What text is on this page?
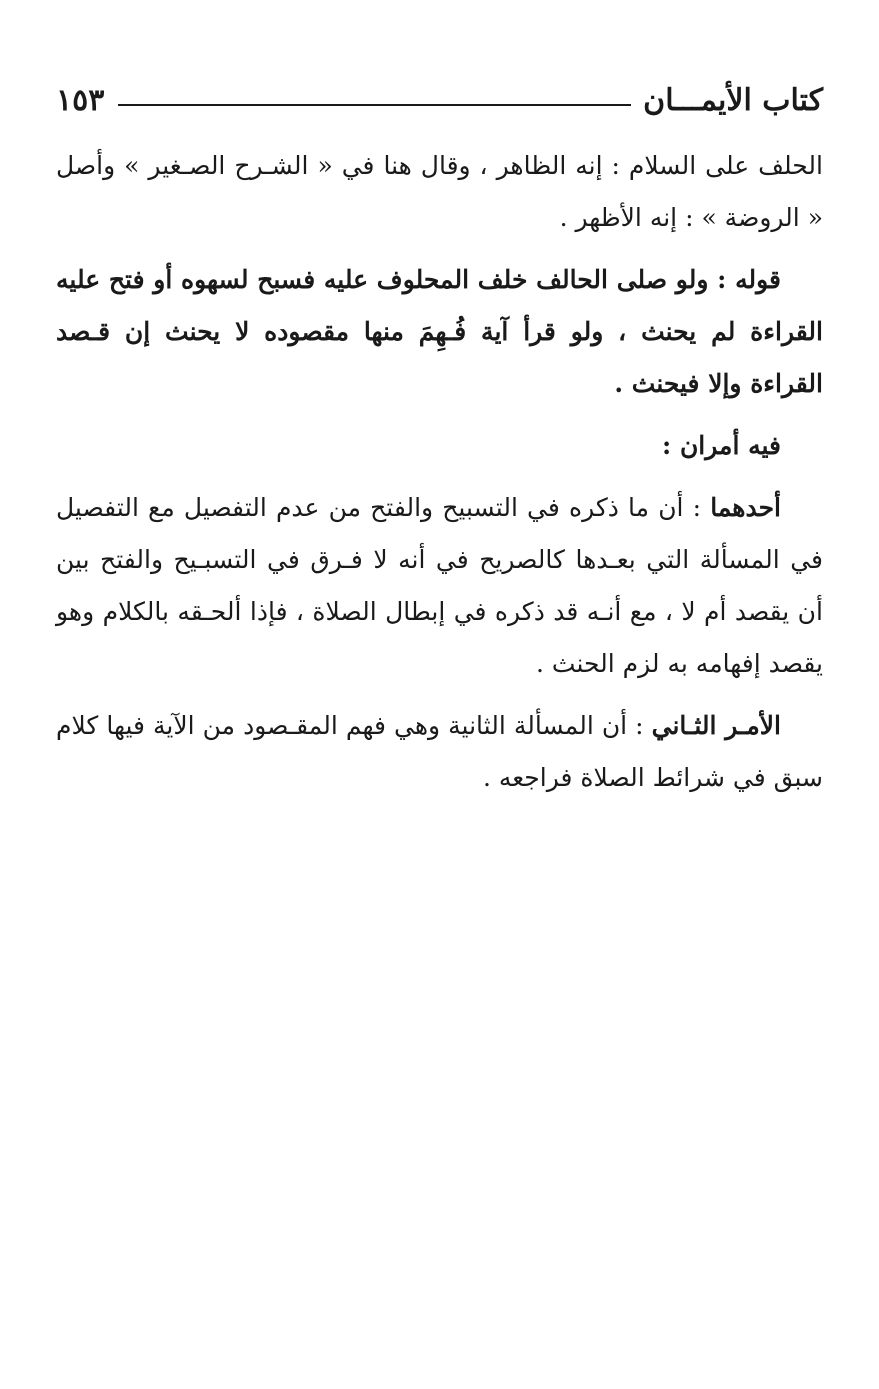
كتاب الأيمـــان
١٥٣

الحلف على السلام : إنه الظاهر ، وقال هنا في « الشـرح الصـغير » وأصل « الروضة » : إنه الأظهر .

قوله : ولو صلى الحالف خلف المحلوف عليه فسبح لسهوه أو فتح عليه القراءة لم يحنث ، ولو قرأ آية فُـهِمَ منها مقصوده لا يحنث إن قـصد القراءة وإلا فيحنث .

فيه أمران :

أحدهما : أن ما ذكره في التسبيح والفتح من عدم التفصيل مع التفصيل في المسألة التي بعـدها كالصريح في أنه لا فـرق في التسبـيح والفتح بين أن يقصد أم لا ، مع أنـه قد ذكره في إبطال الصلاة ، فإذا ألحـقه بالكلام وهو يقصد إفهامه به لزم الحنث .

الأمـر الثـاني : أن المسألة الثانية وهي فهم المقـصود من الآية فيها كلام سبق في شرائط الصلاة فراجعه .
